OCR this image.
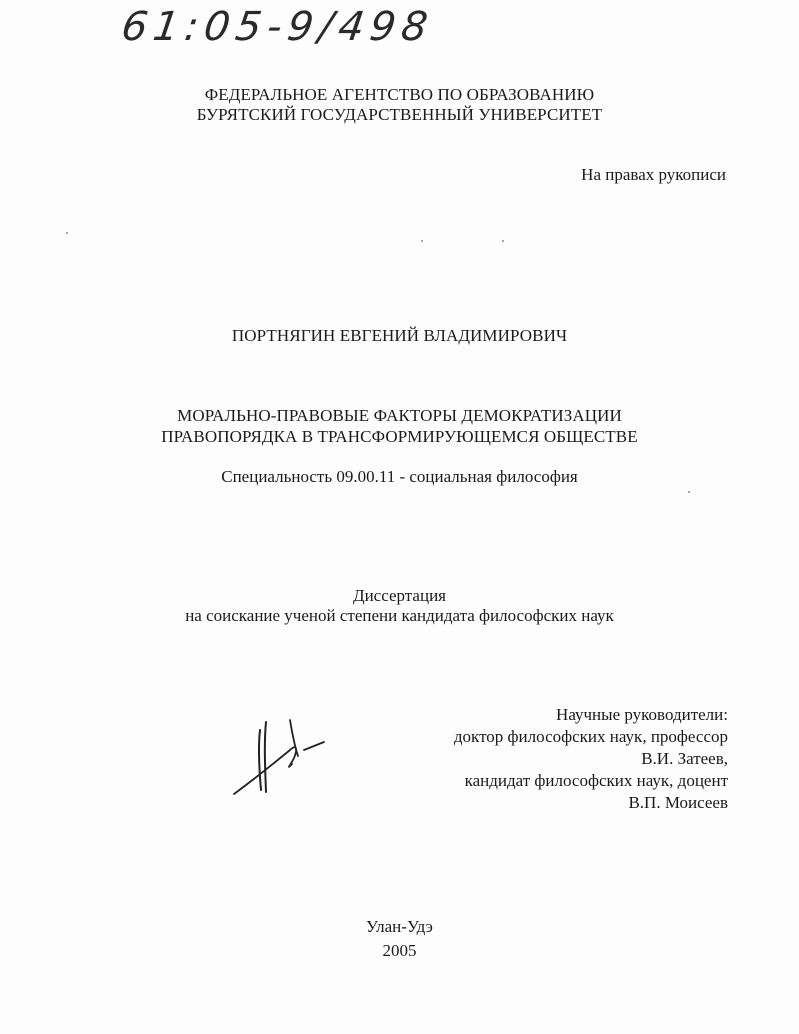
61:05-9/498
ФЕДЕРАЛЬНОЕ АГЕНТСТВО ПО ОБРАЗОВАНИЮ
БУРЯТСКИЙ ГОСУДАРСТВЕННЫЙ УНИВЕРСИТЕТ
На правах рукописи
ПОРТНЯГИН ЕВГЕНИЙ ВЛАДИМИРОВИЧ
МОРАЛЬНО-ПРАВОВЫЕ ФАКТОРЫ ДЕМОКРАТИЗАЦИИ
ПРАВОПОРЯДКА В ТРАНСФОРМИРУЮЩЕМСЯ ОБЩЕСТВЕ
Специальность 09.00.11 - социальная философия
Диссертация
на соискание ученой степени кандидата философских наук
Научные руководители:
доктор философских наук, профессор
В.И. Затеев,
кандидат философских наук, доцент
В.П. Моисеев
Улан-Удэ
2005
